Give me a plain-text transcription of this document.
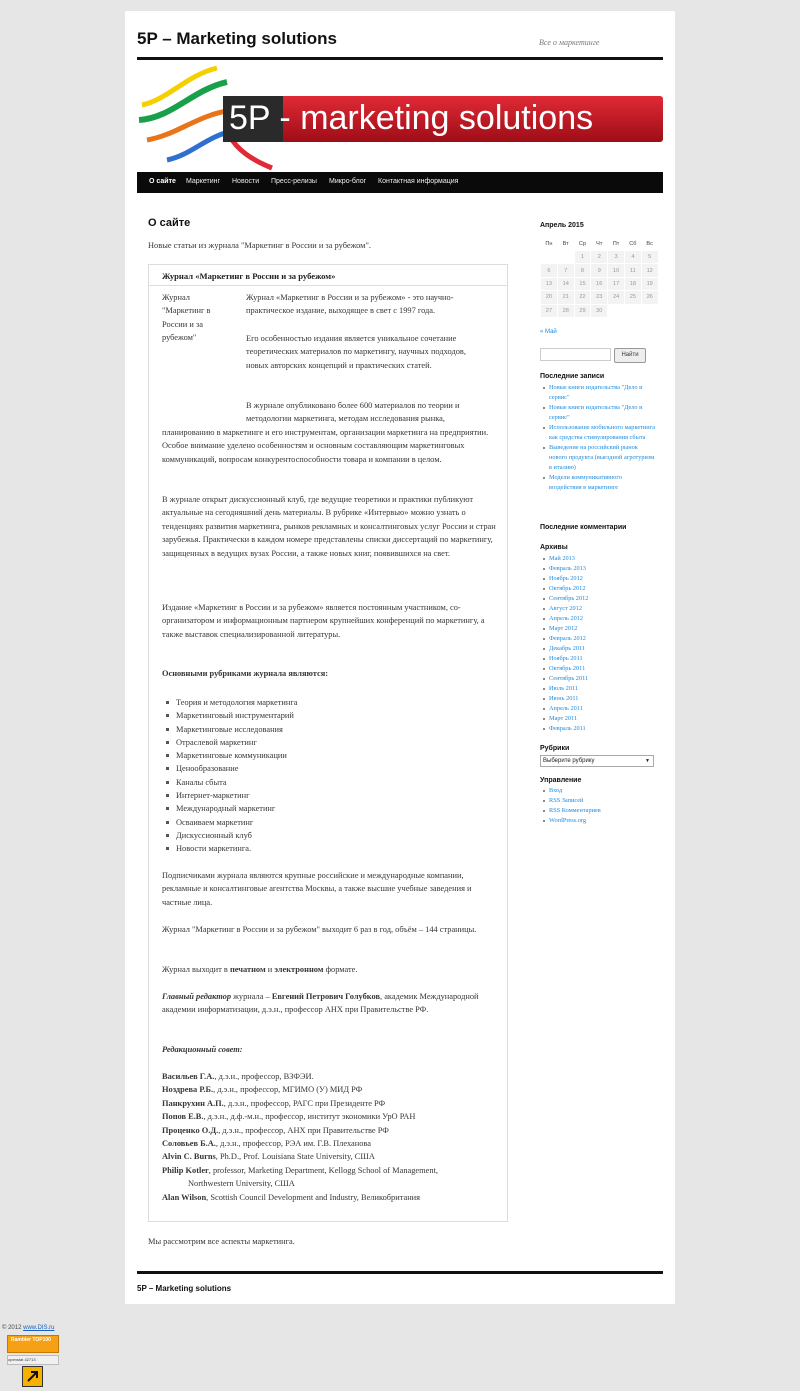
5P – Marketing solutions	Все о маркетинге
5P - marketing solutions
О сайте Маркетинг Новости Пресс-релизы Микро-блог Контактная информация
О сайте
Новые статьи из журнала "Маркетинг в России и за рубежом".
Журнал «Маркетинг в России и за рубежом»
Журнал "Маркетинг в России и за рубежом"
Журнал «Маркетинг в России и за рубежом» - это научно-практическое издание, выходящее в свет с 1997 года.
Его особенностью издания является уникальное сочетание теоретических материалов по маркетингу, научных подходов, новых авторских концепций и практических статей.
В журнале опубликовано более 600 материалов по теории и методологии маркетинга, методам исследования рынка,
планированию в маркетинге и его инструментам, организации маркетинга на предприятии. Особое внимание уделено особенностям и основным составляющим маркетинговых коммуникаций, вопросам конкурентоспособности товара и компании в целом.
В журнале открыт дискуссионный клуб, где ведущие теоретики и практики публикуют актуальные на сегодняшний день материалы. В рубрике «Интервью» можно узнать о тенденциях развития маркетинга, рынков рекламных и консалтинговых услуг России и стран зарубежья. Практически в каждом номере представлены списки диссертаций по маркетингу, защищенных в ведущих вузах России, а также новых книг, появившихся на свет.
Издание «Маркетинг в России и за рубежом» является постоянным участником, со-организатором и информационным партнером крупнейших конференций по маркетингу, а также выставок специализированной литературы.
Основными рубриками журнала являются:
Теория и методология маркетинга
Маркетинговый инструментарий
Маркетинговые исследования
Отраслевой маркетинг
Маркетинговые коммуникации
Ценообразование
Каналы сбыта
Интернет-маркетинг
Международный маркетинг
Осваиваем маркетинг
Дискуссионный клуб
Новости маркетинга.
Подписчиками журнала являются крупные российские и международные компании, рекламные и консалтинговые агентства Москвы, а также высшие учебные заведения и частные лица.
Журнал "Маркетинг в России и за рубежом" выходит 6 раз в год, объём – 144 страницы.
Журнал выходит в печатном и электронном формате.
Главный редактор журнала – Евгений Петрович Голубков, академик Международной академии информатизации, д.э.н., профессор АНХ при Правительстве РФ.
Редакционный совет:
Васильев Г.А., д.э.н., профессор, ВЗФЭИ.
Ноздрева Р.Б., д.э.н., профессор, МГИМО (У) МИД РФ
Панкрухин А.П., д.э.н., профессор, РАГС при Президенте РФ
Попов Е.В., д.э.н., д.ф.-м.н., профессор, институт экономики УрО РАН
Проценко О.Д., д.э.н., профессор, АНХ при Правительстве РФ
Соловьев Б.А., д.э.н., профессор, РЭА им. Г.В. Плеханова
Alvin C. Burns, Ph.D., Prof. Louisiana State University, США
Philip Kotler, professor, Marketing Department, Kellogg School of Management,
Northwestern University, США
Alan Wilson, Scottish Council Development and Industry, Великобритания
Мы рассмотрим все аспекты маркетинга.
Апрель 2015
Пн	Вт	Ср	Чт	Пт	Сб	Вс
		1	2	3	4	5
6	7	8	9	10	11	12
13	14	15	16	17	18	19
20	21	22	23	24	25	26
27	28	29	30			
« Май
Найти
Последние записи
Новые книги издательства "Дело и сервис"
Новые книги издательства "Дело и сервис"
Использование мобильного маркетинга как средства стимулирования сбыта
Выведение на российский рынок нового продукта (выездной агротуризм в италию)
Модели коммуникативного воздействия в маркетинге
Последние комментарии
Архивы
Май 2013
Февраль 2013
Ноябрь 2012
Октябрь 2012
Сентябрь 2012
Август 2012
Апрель 2012
Март 2012
Февраль 2012
Декабрь 2011
Ноябрь 2011
Октябрь 2011
Сентябрь 2011
Июль 2011
Июнь 2011
Апрель 2011
Март 2011
Февраль 2011
Рубрики
Выберите рубрику	▼
Управление
Вход
RSS Записей
RSS Комментариев
WordPress.org
5P – Marketing solutions
© 2012 www.DIS.ru
Rambler TOP100
openstat 42713
